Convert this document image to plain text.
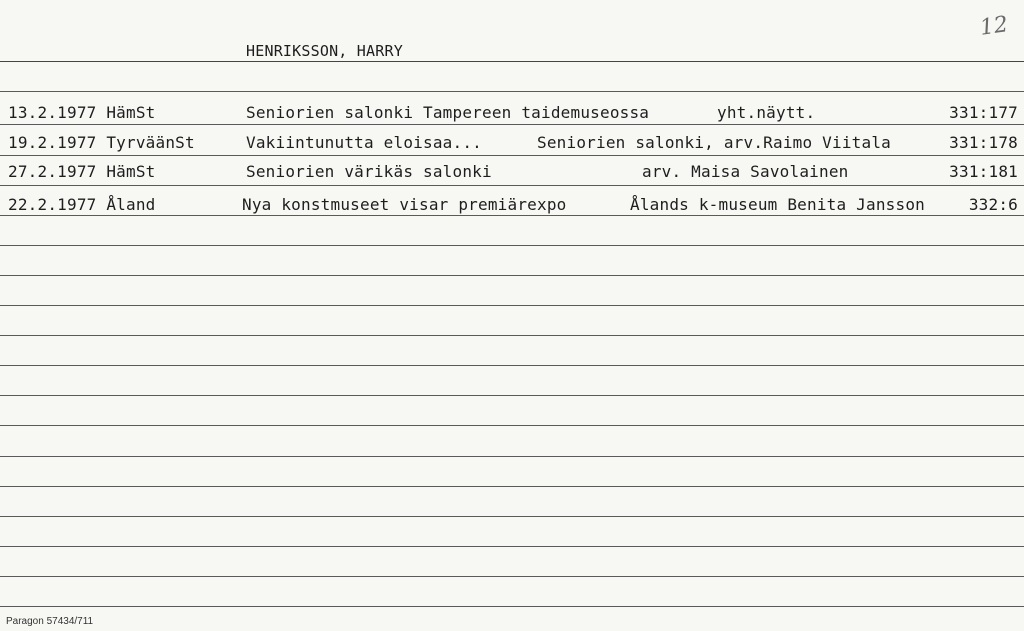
HENRIKSSON, HARRY
12
13.2.1977 HämSt	Seniorien salonki Tampereen taidemuseossa	yht.näytt.	331:177
19.2.1977 TyrväänSt	Vakiintunutta eloisaa...	Seniorien salonki, arv.Raimo Viitala	331:178
27.2.1977 HämSt	Seniorien värikäs salonki	arv. Maisa Savolainen	331:181
22.2.1977 Åland	Nya konstmuseet visar premiärexpo	Ålands k-museum Benita Jansson	332:6
Paragon 57434/711
